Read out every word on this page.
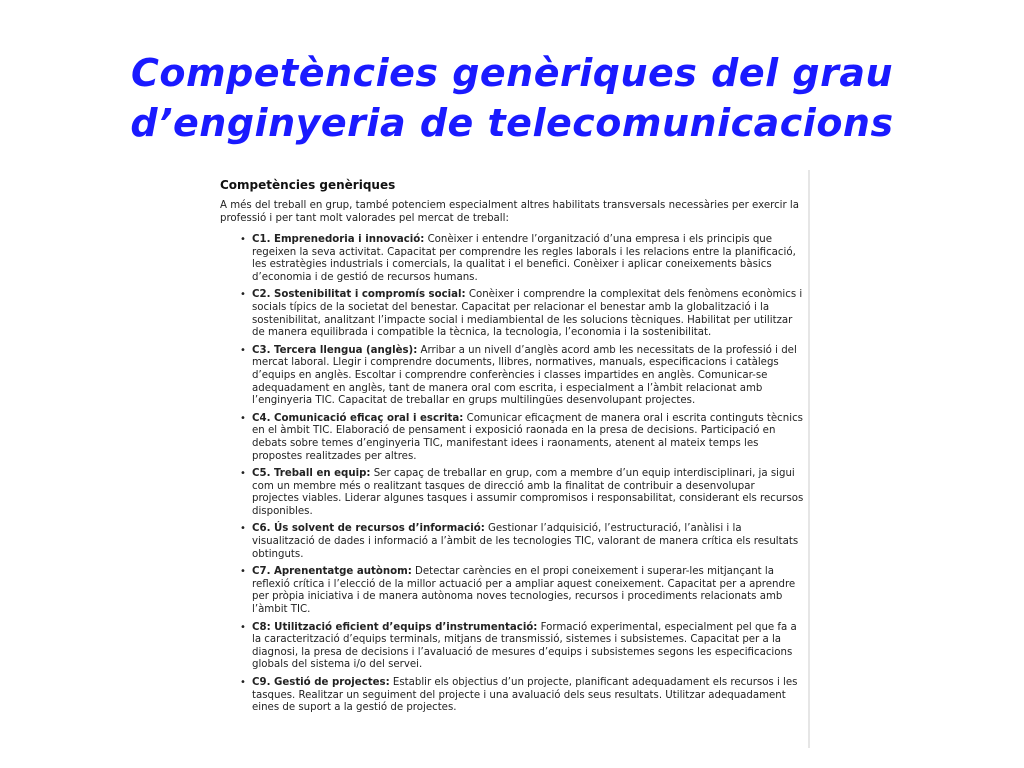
Competències genèriques del grau
d’enginyeria de telecomunicacions
Competències genèriques
A més del treball en grup, també potenciem especialment altres habilitats transversals necessàries per exercir la professió i per tant molt valorades pel mercat de treball:
• C1. Emprenedoria i innovació: Conèixer i entendre l’organització d’una empresa i els principis que regeixen la seva activitat. Capacitat per comprendre les regles laborals i les relacions entre la planificació, les estratègies industrials i comercials, la qualitat i el benefici. Conèixer i aplicar coneixements bàsics d’economia i de gestió de recursos humans.
• C2. Sostenibilitat i compromís social: Conèixer i comprendre la complexitat dels fenòmens econòmics i socials típics de la societat del benestar. Capacitat per relacionar el benestar amb la globalització i la sostenibilitat, analitzant l’impacte social i mediambiental de les solucions tècniques. Habilitat per utilitzar de manera equilibrada i compatible la tècnica, la tecnologia, l’economia i la sostenibilitat.
• C3. Tercera llengua (anglès): Arribar a un nivell d’anglès acord amb les necessitats de la professió i del mercat laboral. Llegir i comprendre documents, llibres, normatives, manuals, especificacions i catàlegs d’equips en anglès. Escoltar i comprendre conferències i classes impartides en anglès. Comunicar-se adequadament en anglès, tant de manera oral com escrita, i especialment a l’àmbit relacionat amb l’enginyeria TIC. Capacitat de treballar en grups multilingües desenvolupant projectes.
• C4. Comunicació eficaç oral i escrita: Comunicar eficaçment de manera oral i escrita continguts tècnics en el àmbit TIC. Elaboració de pensament i exposició raonada en la presa de decisions. Participació en debats sobre temes d’enginyeria TIC, manifestant idees i raonaments, atenent al mateix temps les propostes realitzades per altres.
• C5. Treball en equip: Ser capaç de treballar en grup, com a membre d’un equip interdisciplinari, ja sigui com un membre més o realitzant tasques de direcció amb la finalitat de contribuir a desenvolupar projectes viables. Liderar algunes tasques i assumir compromisos i responsabilitat, considerant els recursos disponibles.
• C6. Ús solvent de recursos d’informació: Gestionar l’adquisició, l’estructuració, l’anàlisi i la visualització de dades i informació a l’àmbit de les tecnologies TIC, valorant de manera crítica els resultats obtinguts.
• C7. Aprenentatge autònom: Detectar carències en el propi coneixement i superar-les mitjançant la reflexió crítica i l’elecció de la millor actuació per a ampliar aquest coneixement. Capacitat per a aprendre per pròpia iniciativa i de manera autònoma noves tecnologies, recursos i procediments relacionats amb l’àmbit TIC.
• C8: Utilització eficient d’equips d’instrumentació: Formació experimental, especialment pel que fa a la caracterització d’equips terminals, mitjans de transmissió, sistemes i subsistemes. Capacitat per a la diagnosi, la presa de decisions i l’avaluació de mesures d’equips i subsistemes segons les especificacions globals del sistema i/o del servei.
• C9. Gestió de projectes: Establir els objectius d’un projecte, planificant adequadament els recursos i les tasques. Realitzar un seguiment del projecte i una avaluació dels seus resultats. Utilitzar adequadament eines de suport a la gestió de projectes.
